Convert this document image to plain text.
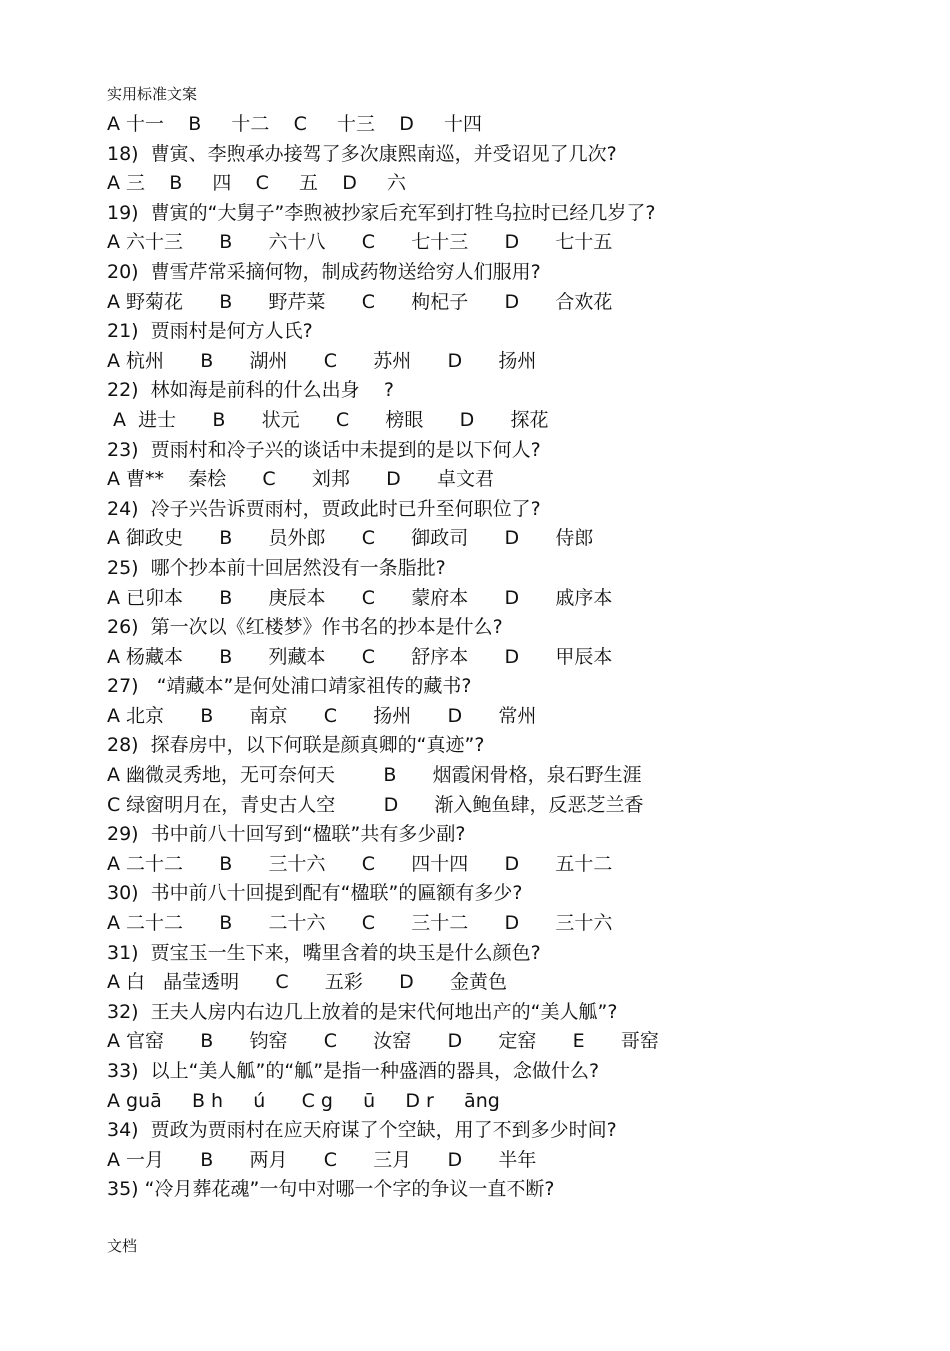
实用标准文案
A 十一    B     十二    C     十三    D     十四
18)  曹寅、李煦承办接驾了多次康熙南巡，并受诏见了几次?
A 三    B     四    C     五    D     六
19)  曹寅的“大舅子”李煦被抄家后充军到打牲乌拉时已经几岁了?
A 六十三      B      六十八      C      七十三      D      七十五
20)  曹雪芹常采摘何物，制成药物送给穷人们服用?
A 野菊花      B      野芹菜      C      枸杞子      D      合欢花
21)  贾雨村是何方人氏?
A 杭州      B      湖州      C      苏州      D      扬州
22)  林如海是前科的什么出身    ?
A  进士      B      状元      C      榜眼      D      探花
23)  贾雨村和冷子兴的谈话中未提到的是以下何人?
A 曹**    秦桧      C      刘邦      D      卓文君
24)  冷子兴告诉贾雨村，贾政此时已升至何职位了?
A 御政史      B      员外郎      C      御政司      D      侍郎
25)  哪个抄本前十回居然没有一条脂批?
A 已卯本      B      庚辰本      C      蒙府本      D      戚序本
26)  第一次以《红楼梦》作书名的抄本是什么?
A 杨藏本      B      列藏本      C      舒序本      D      甲辰本
27)   “靖藏本”是何处浦口靖家祖传的藏书?
A 北京      B      南京      C      扬州      D      常州
28)  探春房中，以下何联是颜真卿的“真迹”?
A 幽微灵秀地，无可奈何天        B      烟霞闲骨格，泉石野生涯
C 绿窗明月在，青史古人空        D      渐入鲍鱼肆，反恶芝兰香
29)  书中前八十回写到“楹联”共有多少副?
A 二十二      B      三十六      C      四十四      D      五十二
30)  书中前八十回提到配有“楹联”的匾额有多少?
A 二十二      B      二十六      C      三十二      D      三十六
31)  贾宝玉一生下来，嘴里含着的块玉是什么颜色?
A 白   晶莹透明      C      五彩      D      金黄色
32)  王夫人房内右边几上放着的是宋代何地出产的“美人觚”?
A 官窑      B      钧窑      C      汝窑      D      定窑      E      哥窑
33)  以上“美人觚”的“觚”是指一种盛酒的器具，念做什么?
A guā     B h     ú      C g     ū     D r     āng
34)  贾政为贾雨村在应天府谋了个空缺，用了不到多少时间?
A 一月      B      两月      C      三月      D      半年
35) “冷月葬花魂”一句中对哪一个字的争议一直不断?
文档
